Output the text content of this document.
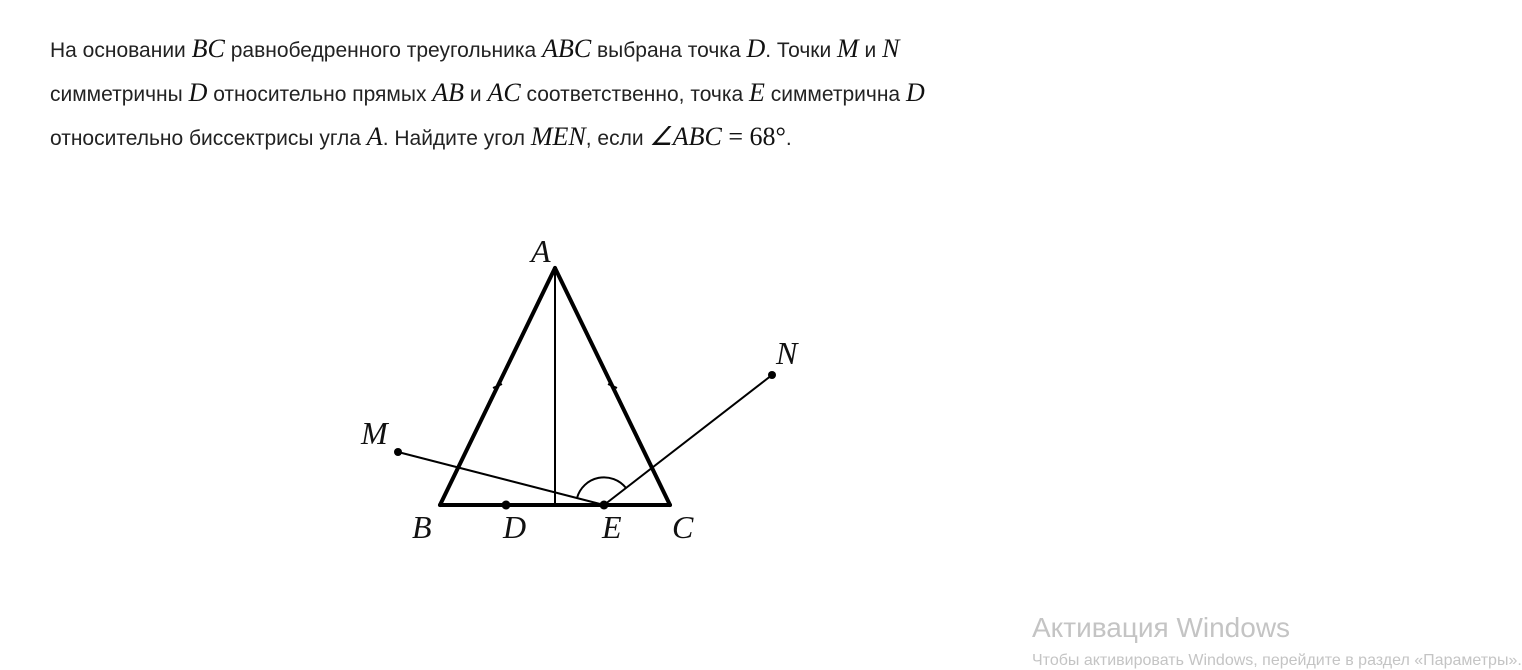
На основании BC равнобедренного треугольника ABC выбрана точка D. Точки M и N
симметричны D относительно прямых AB и AC соответственно, точка E симметрична D
относительно биссектрисы угла A. Найдите угол MEN, если ∠ABC = 68°.
A
B	C
D E
M
N
Активация Windows
Чтобы активировать Windows, перейдите в раздел «Параметры».
